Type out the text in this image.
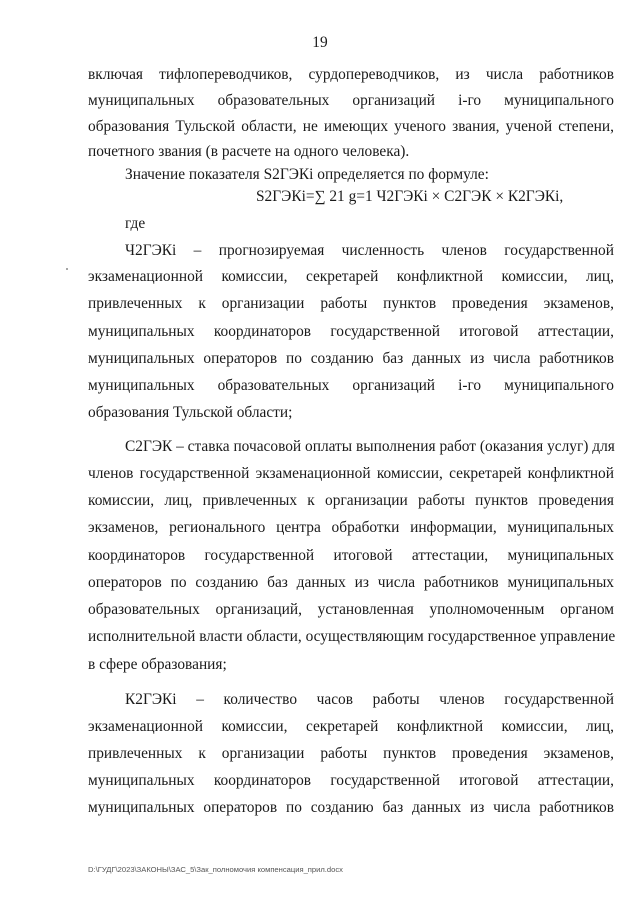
19
включая тифлопереводчиков, сурдопереводчиков, из числа работников
муниципальных образовательных организаций i-го муниципального
образования Тульской области, не имеющих ученого звания, ученой степени,
почетного звания (в расчете на одного человека).
Значение показателя S2ГЭКi определяется по формуле:
S2ГЭКi=∑ 21 g=1 Ч2ГЭКi × С2ГЭК × К2ГЭКi,
где
Ч2ГЭКi – прогнозируемая численность членов государственной
экзаменационной комиссии, секретарей конфликтной комиссии, лиц,
привлеченных к организации работы пунктов проведения экзаменов,
муниципальных координаторов государственной итоговой аттестации,
муниципальных операторов по созданию баз данных из числа работников
муниципальных образовательных организаций i-го муниципального
образования Тульской области;
С2ГЭК – ставка почасовой оплаты выполнения работ (оказания услуг) для
членов государственной экзаменационной комиссии, секретарей конфликтной
комиссии, лиц, привлеченных к организации работы пунктов проведения
экзаменов, регионального центра обработки информации, муниципальных
координаторов государственной итоговой аттестации, муниципальных
операторов по созданию баз данных из числа работников муниципальных
образовательных организаций, установленная уполномоченным органом
исполнительной власти области, осуществляющим государственное управление
в сфере образования;
К2ГЭКi – количество часов работы членов государственной
экзаменационной комиссии, секретарей конфликтной комиссии, лиц,
привлеченных к организации работы пунктов проведения экзаменов,
муниципальных координаторов государственной итоговой аттестации,
муниципальных операторов по созданию баз данных из числа работников
D:\ГУДГ\2023\ЗАКОНЫ\ЗАС_5\Зак_полномочия компенсация_прил.docx
